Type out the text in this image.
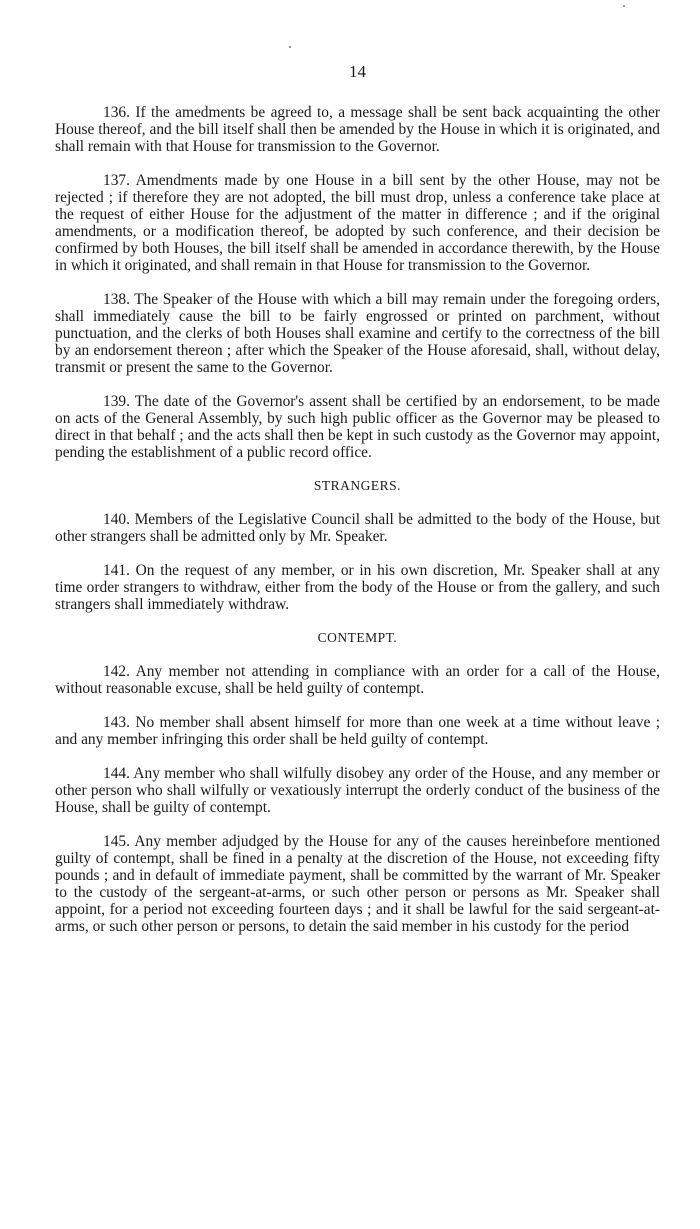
14

136. If the amedments be agreed to, a message shall be sent back acquainting the other House thereof, and the bill itself shall then be amended by the House in which it is originated, and shall remain with that House for transmission to the Governor.

137. Amendments made by one House in a bill sent by the other House, may not be rejected ; if therefore they are not adopted, the bill must drop, unless a conference take place at the request of either House for the adjustment of the matter in difference ; and if the original amendments, or a modification thereof, be adopted by such conference, and their decision be confirmed by both Houses, the bill itself shall be amended in accordance therewith, by the House in which it originated, and shall remain in that House for transmission to the Governor.

138. The Speaker of the House with which a bill may remain under the foregoing orders, shall immediately cause the bill to be fairly engrossed or printed on parchment, without punctuation, and the clerks of both Houses shall examine and certify to the correctness of the bill by an endorsement thereon ; after which the Speaker of the House aforesaid, shall, without delay, transmit or present the same to the Governor.

139. The date of the Governor's assent shall be certified by an endorsement, to be made on acts of the General Assembly, by such high public officer as the Governor may be pleased to direct in that behalf ; and the acts shall then be kept in such custody as the Governor may appoint, pending the establishment of a public record office.

STRANGERS.

140. Members of the Legislative Council shall be admitted to the body of the House, but other strangers shall be admitted only by Mr. Speaker.

141. On the request of any member, or in his own discretion, Mr. Speaker shall at any time order strangers to withdraw, either from the body of the House or from the gallery, and such strangers shall immediately withdraw.

CONTEMPT.

142. Any member not attending in compliance with an order for a call of the House, without reasonable excuse, shall be held guilty of contempt.

143. No member shall absent himself for more than one week at a time without leave ; and any member infringing this order shall be held guilty of contempt.

144. Any member who shall wilfully disobey any order of the House, and any member or other person who shall wilfully or vexatiously interrupt the orderly conduct of the business of the House, shall be guilty of contempt.

145. Any member adjudged by the House for any of the causes hereinbefore mentioned guilty of contempt, shall be fined in a penalty at the discretion of the House, not exceeding fifty pounds ; and in default of immediate payment, shall be committed by the warrant of Mr. Speaker to the custody of the sergeant-at-arms, or such other person or persons as Mr. Speaker shall appoint, for a period not exceeding fourteen days ; and it shall be lawful for the said sergeant-at-arms, or such other person or persons, to detain the said member in his custody for the period
